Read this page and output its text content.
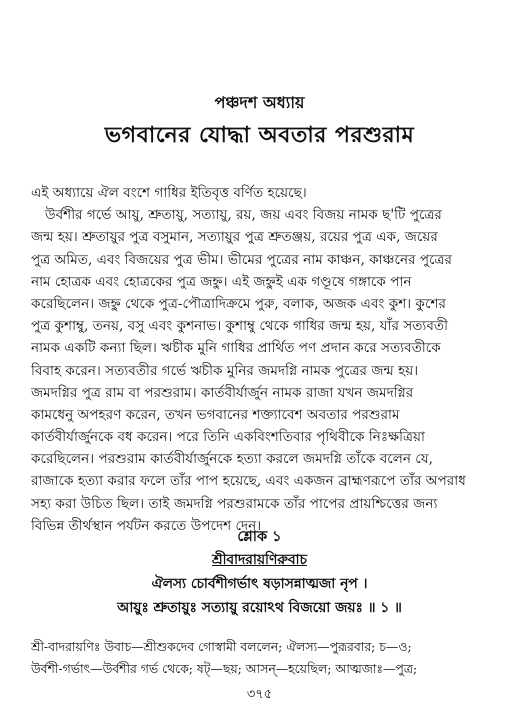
পঞ্চদশ অধ্যায়
ভগবানের যোদ্ধা অবতার পরশুরাম
এই অধ্যায়ে ঐল বংশে গাধির ইতিবৃত্ত বর্ণিত হয়েছে।
উর্বশীর গর্ভে আয়ু, শ্রুতায়ু, সত্যায়ু, রয়, জয় এবং বিজয় নামক ছ'টি পুত্রের
জন্ম হয়। শ্রুতায়ুর পুত্র বসুমান, সত্যায়ুর পুত্র শ্রুতঞ্জয়, রয়ের পুত্র এক, জয়ের
পুত্র অমিত, এবং বিজয়ের পুত্র ভীম। ভীমের পুত্রের নাম কাঞ্চন, কাঞ্চনের পুত্রের
নাম হোত্রক এবং হোত্রকের পুত্র জহ্নু। এই জহ্নুই এক গণ্ডূষে গঙ্গাকে পান
করেছিলেন। জহ্নু থেকে পুত্র-পৌত্রাদিক্রমে পুরু, বলাক, অজক এবং কুশ। কুশের
পুত্র কুশাম্বু, তনয়, বসু এবং কুশনাভ। কুশাম্বু থেকে গাধির জন্ম হয়, যাঁর সত্যবতী
নামক একটি কন্যা ছিল। ঋচীক মুনি গাধির প্রার্থিত পণ প্রদান করে সত্যবতীকে
বিবাহ করেন। সত্যবতীর গর্ভে ঋচীক মুনির জমদগ্নি নামক পুত্রের জন্ম হয়।
জমদগ্নির পুত্র রাম বা পরশুরাম। কার্তবীর্যার্জুন নামক রাজা যখন জমদগ্নির
কামধেনু অপহরণ করেন, তখন ভগবানের শক্ত্যাবেশ অবতার পরশুরাম
কার্তবীর্যার্জুনকে বধ করেন। পরে তিনি একবিংশতিবার পৃথিবীকে নিঃক্ষত্রিয়া
করেছিলেন। পরশুরাম কার্তবীর্যার্জুনকে হত্যা করলে জমদগ্নি তাঁকে বলেন যে,
রাজাকে হত্যা করার ফলে তাঁর পাপ হয়েছে, এবং একজন ব্রাহ্মণরূপে তাঁর অপরাধ
সহ্য করা উচিত ছিল। তাই জমদগ্নি পরশুরামকে তাঁর পাপের প্রায়শ্চিত্তের জন্য
বিভিন্ন তীর্থস্থান পর্যটন করতে উপদেশ দেন।
শ্লোক ১
শ্রীবাদরায়ণিরুবাচ
ঐলস্য চোর্বশীগর্ভাৎ ষড়াসন্নাত্মজা নৃপ ।
আয়ুঃ শ্রুতায়ুঃ সত্যায়ু রয়োঽথ বিজয়ো জয়ঃ ॥ ১ ॥
শ্রী-বাদরায়ণিঃ উবাচ—শ্রীশুকদেব গোস্বামী বললেন; ঐলস্য—পুরূরবার; চ—ও;
উর্বশী-গর্ভাৎ—উর্বশীর গর্ভ থেকে; ষট্—ছয়; আসন্—হয়েছিল; আত্মজাঃ—পুত্র;
৩৭৫
